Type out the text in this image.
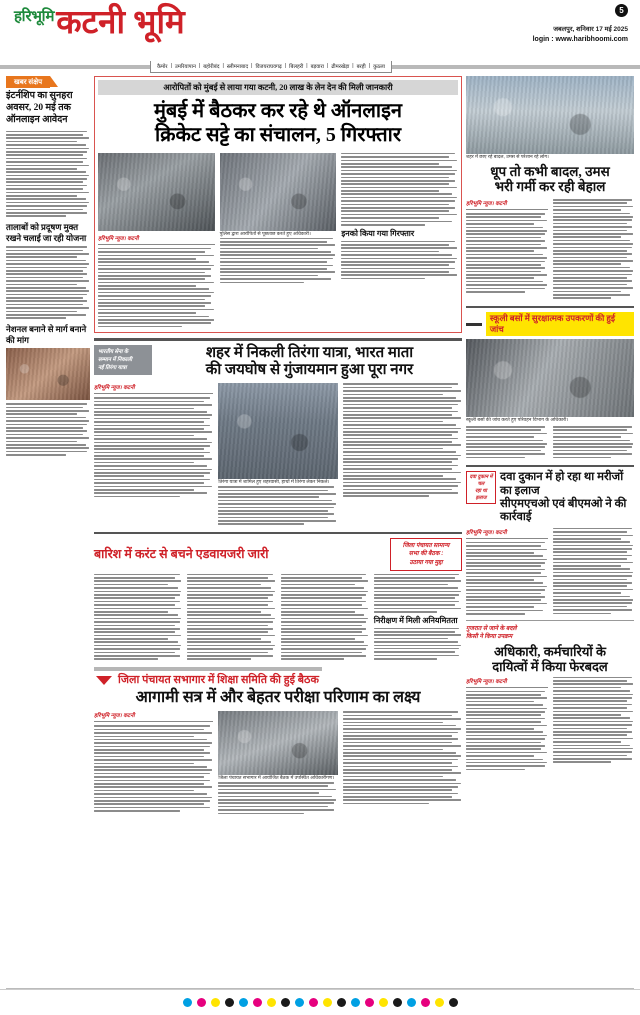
हरिभूमि कटनी भूमि	5
जबलपुर, शनिवार 17 मई 2025
login : www.haribhoomi.com
कैमोर | उमरियापान | बहोरीबंद | स्लीमनाबाद | विजयराघवगढ़ | बिलहरी | बड़वारा | ढीमरखेड़ा | बरही | कुठला
खबर संक्षेप
इंटर्नशिप का सुनहरा अवसर, 20 मई तक ऑनलाइन आवेदन
तालाबों को प्रदूषण मुक्त रखने चलाई जा रही योजना
नेशनल बनाने से मार्ग बनाने की मांग
आरोपितों को मुंबई से लाया गया कटनी, 20 लाख के लेन देन की मिली जानकारी
मुंबई में बैठकर कर रहे थे ऑनलाइन
क्रिकेट सट्टे का संचालन, 5 गिरफ्तार
हरिभूमि न्यूज। कटनी
पुलिस द्वारा आरोपितों से पूछताछ करते हुए अधिकारी।	इनको किया गया गिरफ्तार
भारतीय सेना के
सम्मान में निकाली
नई तिरंगा यात्रा
शहर में निकली तिरंगा यात्रा, भारत माता
की जयघोष से गुंजायमान हुआ पूरा नगर
हरिभूमि न्यूज। कटनी
तिरंगा यात्रा में शामिल हुए शहरवासी, हाथों में तिरंगा लेकर निकले।
बारिश में करंट से बचने एडवायजरी जारी
जिला पंचायत सामान्य
सभा की बैठक :
उठाया गया मुद्दा
निरीक्षण में मिली अनियमितता
जिला पंचायत सभागार में शिक्षा समिति की हुई बैठक
आगामी सत्र में और बेहतर परीक्षा परिणाम का लक्ष्य
हरिभूमि न्यूज। कटनी
जिला पंचायत सभागार में आयोजित बैठक में उपस्थित अधिकारीगण।
शहर में छाए रहे बादल, उमस से परेशान रहे लोग।
धूप तो कभी बादल, उमस
भरी गर्मी कर रही बेहाल
हरिभूमि न्यूज। कटनी
स्कूली बसों में सुरक्षात्मक उपकरणों की हुई जांच
स्कूली बसों की जांच करते हुए परिवहन विभाग के अधिकारी।
दवा दुकान में चल
रहा था इलाज
दवा दुकान में हो रहा था मरीजों का इलाज
सीएमएचओ एवं बीएमओ ने की कार्रवाई
हरिभूमि न्यूज। कटनी
गुजरात से जाने के बदले
किसी ने किया उपक्रम
अधिकारी, कर्मचारियों के
दायित्वों में किया फेरबदल
हरिभूमि न्यूज। कटनी
